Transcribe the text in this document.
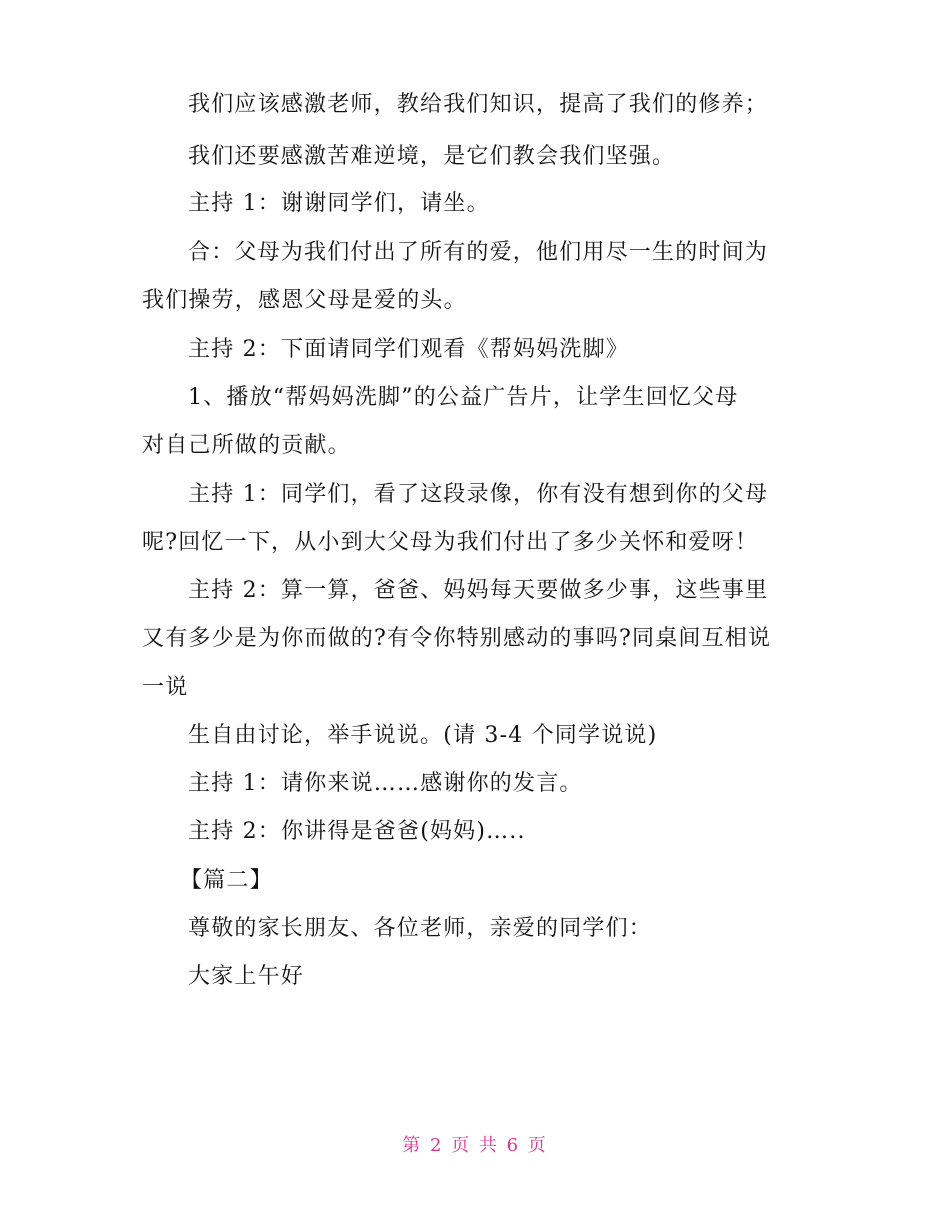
我们应该感激老师，教给我们知识，提高了我们的修养；
我们还要感激苦难逆境，是它们教会我们坚强。
主持 1：谢谢同学们，请坐。
合：父母为我们付出了所有的爱，他们用尽一生的时间为
我们操劳，感恩父母是爱的头。
主持 2：下面请同学们观看《帮妈妈洗脚》
1、播放“帮妈妈洗脚”的公益广告片，让学生回忆父母
对自己所做的贡献。
主持 1：同学们，看了这段录像，你有没有想到你的父母
呢?回忆一下，从小到大父母为我们付出了多少关怀和爱呀！
主持 2：算一算，爸爸、妈妈每天要做多少事，这些事里
又有多少是为你而做的?有令你特别感动的事吗?同桌间互相说
一说
生自由讨论，举手说说。(请 3-4 个同学说说)
主持 1：请你来说……感谢你的发言。
主持 2：你讲得是爸爸(妈妈)…..
【篇二】
尊敬的家长朋友、各位老师，亲爱的同学们：
大家上午好
第 2 页 共 6 页
